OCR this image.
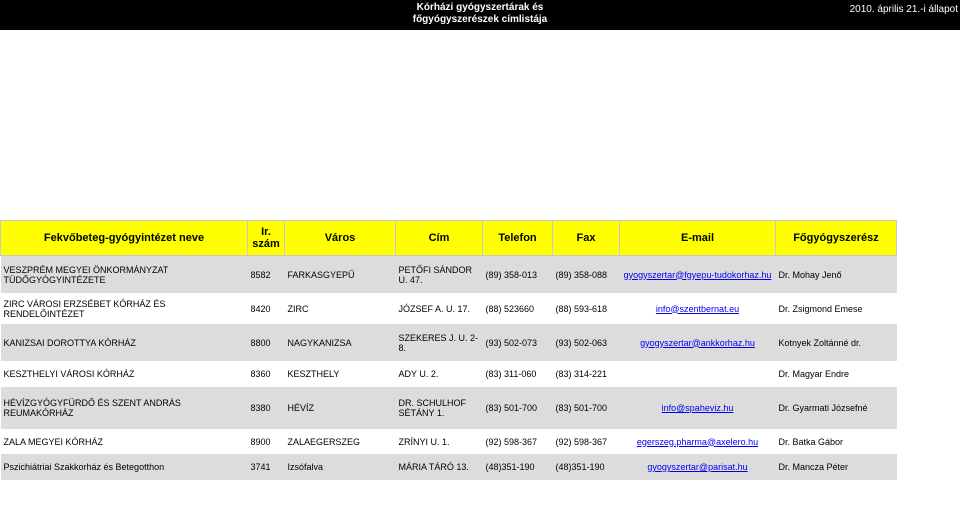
Kórházi gyógyszertárak és
főgyógyszerészek címlistája
2010. április 21.-i állapot
Fekvőbeteg-gyógyintézet neve	Ir. szám	Város	Cím	Telefon	Fax	E-mail	Főgyógyszerész
VESZPRÉM MEGYEI ÖNKORMÁNYZAT TÜDŐGYÓGYINTÉZETE	8582	FARKASGYEPŰ	PETŐFI SÁNDOR U. 47.	(89) 358-013	(89) 358-088	gyogyszertar@fgyepu-tudokorhaz.hu	Dr. Mohay Jenő
ZIRC VÁROSI ERZSÉBET KÓRHÁZ ÉS RENDELŐINTÉZET	8420	ZIRC	JÓZSEF A. U. 17.	(88) 523660	(88) 593-618	info@szentbernat.eu	Dr. Zsigmond Emese
KANIZSAI DOROTTYA KÓRHÁZ	8800	NAGYKANIZSA	SZEKERES J. U. 2-8.	(93) 502-073	(93) 502-063	gyogyszertar@ankkorhaz.hu	Kotnyek Zoltánné dr.
KESZTHELYI VÁROSI KÓRHÁZ	8360	KESZTHELY	ADY U. 2.	(83) 311-060	(83) 314-221		Dr. Magyar Endre
HÉVÍZGYÓGYFÜRDŐ ÉS SZENT ANDRÁS REUMAKÓRHÁZ	8380	HÉVÍZ	DR. SCHULHOF SÉTÁNY 1.	(83) 501-700	(83) 501-700	info@spaheviz.hu	Dr. Gyarmati Józsefné
ZALA MEGYEI KÓRHÁZ	8900	ZALAEGERSZEG	ZRÍNYI U. 1.	(92) 598-367	(92) 598-367	egerszeg.pharma@axelero.hu	Dr. Batka Gábor
Pszichiátriai Szakkorház és Betegotthon	3741	Izsófalva	MÁRIA TÁRÓ 13.	(48)351-190	(48)351-190	gyogyszertar@parisat.hu	Dr. Mancza Péter
